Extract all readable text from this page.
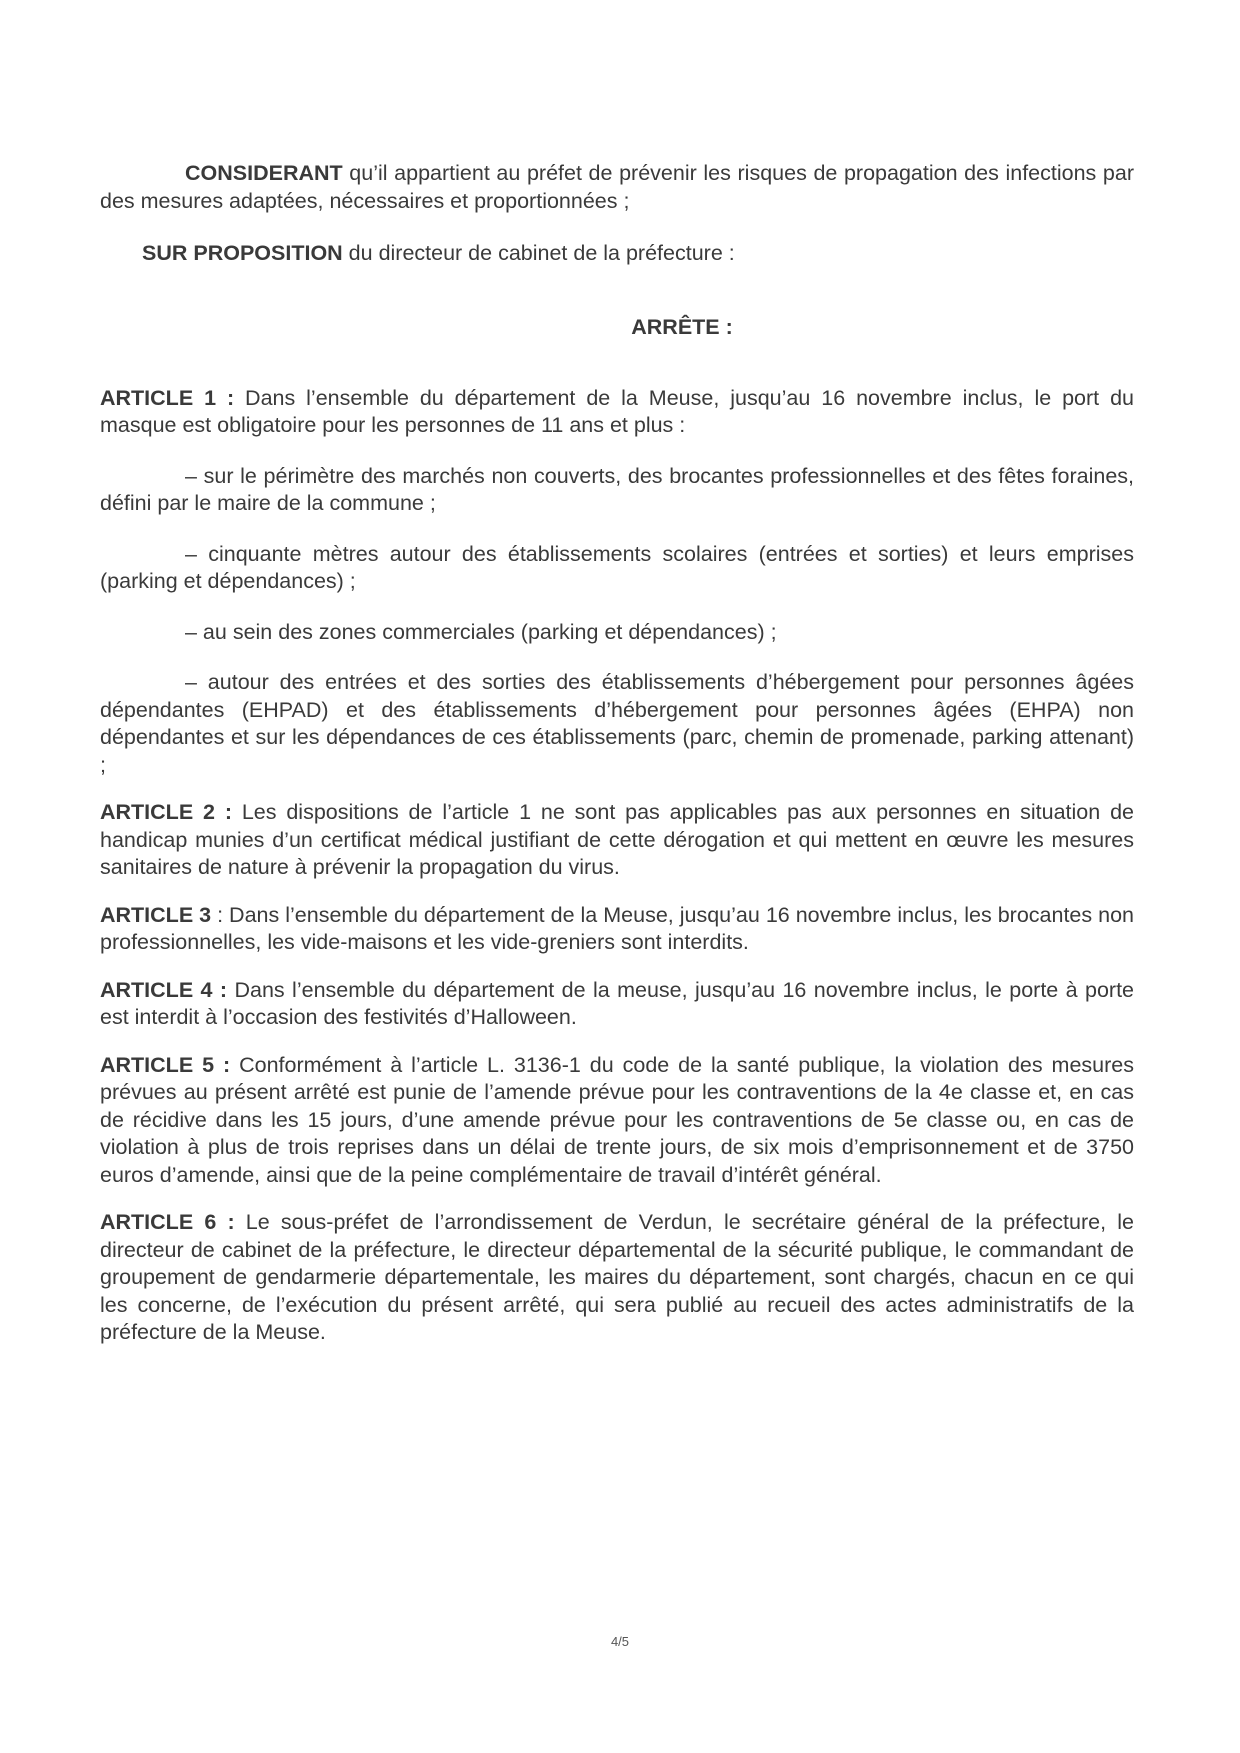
CONSIDERANT qu’il appartient au préfet de prévenir les risques de propagation des infections par des mesures adaptées, nécessaires et proportionnées ;

SUR PROPOSITION du directeur de cabinet de la préfecture :

ARRÊTE :

ARTICLE 1 : Dans l’ensemble du département de la Meuse, jusqu’au 16 novembre inclus, le port du masque est obligatoire pour les personnes de 11 ans et plus :

– sur le périmètre des marchés non couverts, des brocantes professionnelles et des fêtes foraines, défini par le maire de la commune ;

– cinquante mètres autour des établissements scolaires (entrées et sorties) et leurs emprises (parking et dépendances) ;

– au sein des zones commerciales (parking et dépendances) ;

– autour des entrées et des sorties des établissements d’hébergement pour personnes âgées dépendantes (EHPAD) et des établissements d’hébergement pour personnes âgées (EHPA) non dépendantes et sur les dépendances de ces établissements (parc, chemin de promenade, parking attenant) ;

ARTICLE 2 : Les dispositions de l’article 1 ne sont pas applicables pas aux personnes en situation de handicap munies d’un certificat médical justifiant de cette dérogation et qui mettent en œuvre les mesures sanitaires de nature à prévenir la propagation du virus.

ARTICLE 3 : Dans l’ensemble du département de la Meuse, jusqu’au 16 novembre inclus, les brocantes non professionnelles, les vide-maisons et les vide-greniers sont interdits.

ARTICLE 4 : Dans l’ensemble du département de la meuse, jusqu’au 16 novembre inclus, le porte à porte est interdit à l’occasion des festivités d’Halloween.

ARTICLE 5 : Conformément à l’article L. 3136-1 du code de la santé publique, la violation des mesures prévues au présent arrêté est punie de l’amende prévue pour les contraventions de la 4e classe et, en cas de récidive dans les 15 jours, d’une amende prévue pour les contraventions de 5e classe ou, en cas de violation à plus de trois reprises dans un délai de trente jours, de six mois d’emprisonnement et de 3750 euros d’amende, ainsi que de la peine complémentaire de travail d’intérêt général.

ARTICLE 6 : Le sous-préfet de l’arrondissement de Verdun, le secrétaire général de la préfecture, le directeur de cabinet de la préfecture, le directeur départemental de la sécurité publique, le commandant de groupement de gendarmerie départementale, les maires du département, sont chargés, chacun en ce qui les concerne, de l’exécution du présent arrêté, qui sera publié au recueil des actes administratifs de la préfecture de la Meuse.

4/5
